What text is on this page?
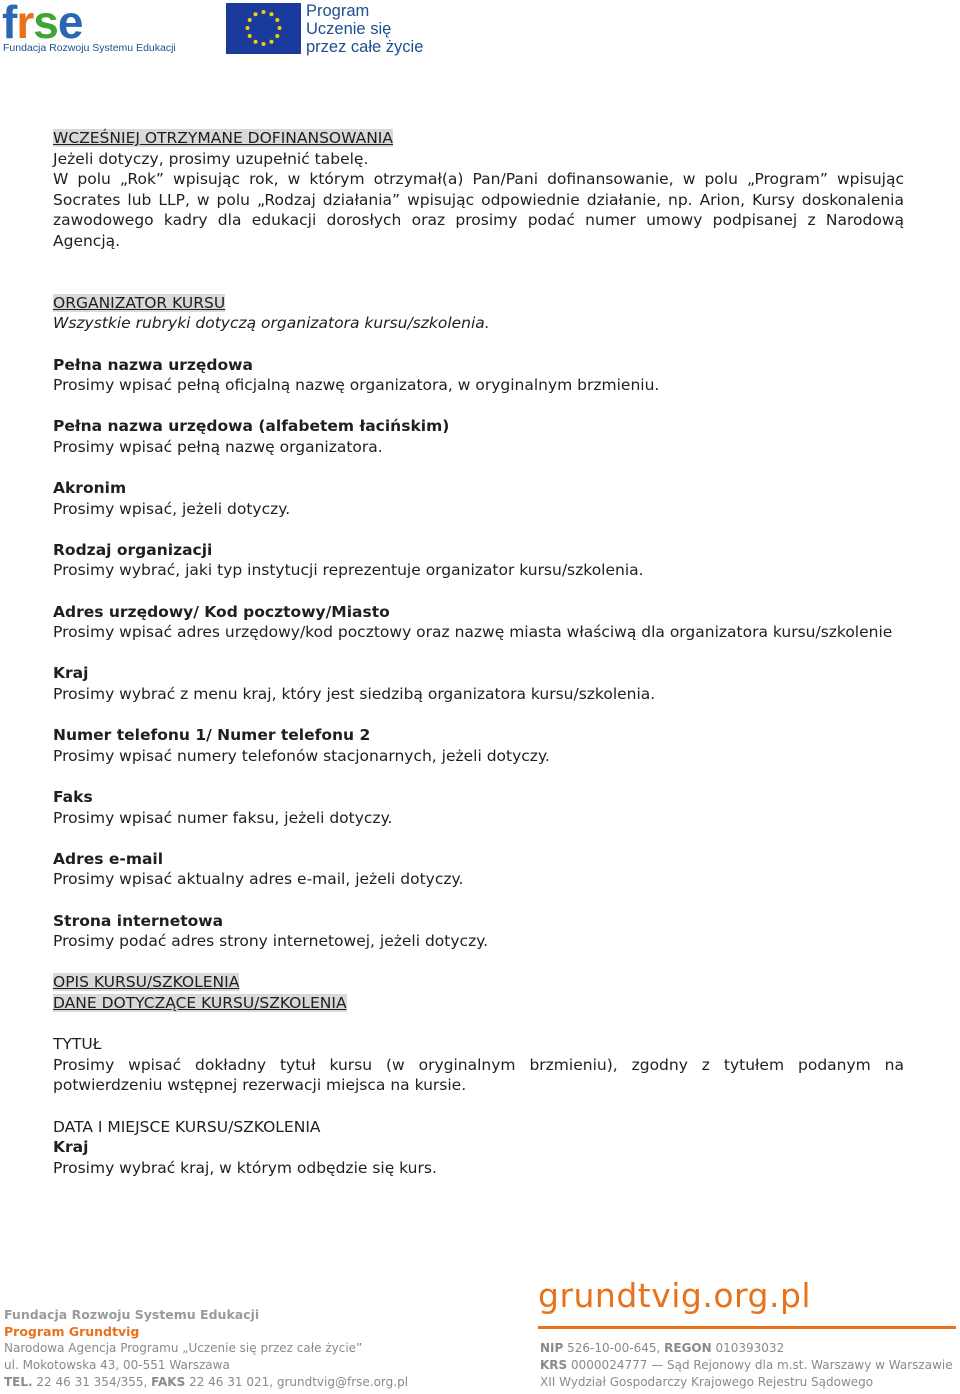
frse
Fundacja Rozwoju Systemu Edukacji
Program
Uczenie się
przez całe życie

WCZEŚNIEJ OTRZYMANE DOFINANSOWANIA

Jeżeli dotyczy, prosimy uzupełnić tabelę.

W polu „Rok” wpisując rok, w którym otrzymał(a) Pan/Pani dofinansowanie, w polu „Program” wpisując Socrates lub LLP, w polu „Rodzaj działania” wpisując odpowiednie działanie, np. Arion, Kursy doskonalenia zawodowego kadry dla edukacji dorosłych oraz prosimy podać numer umowy podpisanej z Narodową Agencją.

ORGANIZATOR KURSU

Wszystkie rubryki dotyczą organizatora kursu/szkolenia.

Pełna nazwa urzędowa

Prosimy wpisać pełną oficjalną nazwę organizatora, w oryginalnym brzmieniu.

Pełna nazwa urzędowa (alfabetem łacińskim)

Prosimy wpisać pełną nazwę organizatora.

Akronim

Prosimy wpisać, jeżeli dotyczy.

Rodzaj organizacji

Prosimy wybrać, jaki typ instytucji reprezentuje organizator kursu/szkolenia.

Adres urzędowy/ Kod pocztowy/Miasto

Prosimy wpisać adres urzędowy/kod pocztowy oraz nazwę miasta właściwą dla organizatora kursu/szkolenie

Kraj

Prosimy wybrać z menu kraj, który jest siedzibą organizatora kursu/szkolenia.

Numer telefonu 1/ Numer telefonu 2

Prosimy wpisać numery telefonów stacjonarnych, jeżeli dotyczy.

Faks

Prosimy wpisać numer faksu, jeżeli dotyczy.

Adres e-mail

Prosimy wpisać aktualny adres e-mail, jeżeli dotyczy.

Strona internetowa

Prosimy podać adres strony internetowej, jeżeli dotyczy.

OPIS KURSU/SZKOLENIA

DANE DOTYCZĄCE KURSU/SZKOLENIA

TYTUŁ

Prosimy wpisać dokładny tytuł kursu (w oryginalnym brzmieniu), zgodny z tytułem podanym na potwierdzeniu wstępnej rezerwacji miejsca na kursie.

DATA I MIEJSCE KURSU/SZKOLENIA

Kraj

Prosimy wybrać kraj, w którym odbędzie się kurs.

Fundacja Rozwoju Systemu Edukacji
Program Grundtvig
Narodowa Agencja Programu „Uczenie się przez całe życie”
ul. Mokotowska 43, 00-551 Warszawa
TEL. 22 46 31 354/355, FAKS 22 46 31 021, grundtvig@frse.org.pl
grundtvig.org.pl
NIP 526-10-00-645, REGON 010393032
KRS 0000024777 — Sąd Rejonowy dla m.st. Warszawy w Warszawie
XII Wydział Gospodarczy Krajowego Rejestru Sądowego
